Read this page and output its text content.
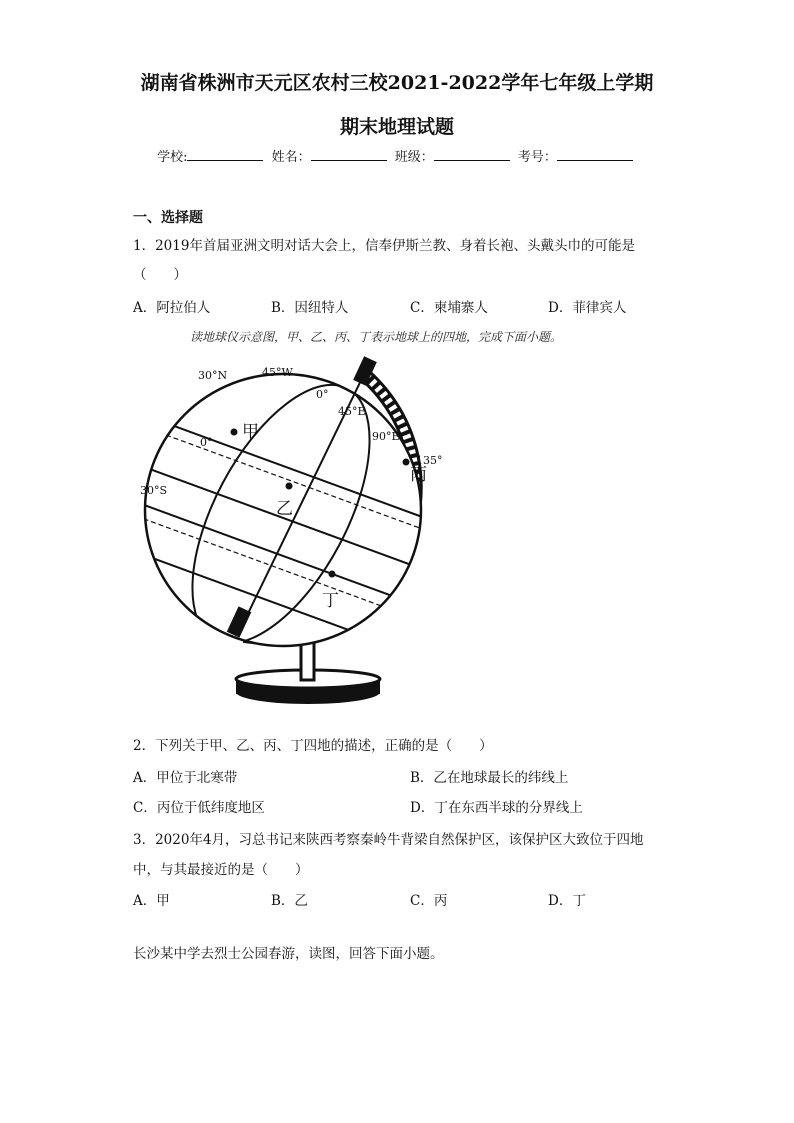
湖南省株洲市天元区农村三校2021-2022学年七年级上学期
期末地理试题
学校:	姓名：	班级：	考号：
一、选择题
1．2019年首届亚洲文明对话大会上，信奉伊斯兰教、身着长袍、头戴头巾的可能是
（　　）
A．阿拉伯人	B．因纽特人	C．柬埔寨人	D．菲律宾人
读地球仪示意图，甲、乙、丙、丁表示地球上的四地，完成下面小题。
30°N	45°W
0°
45°E
90°E
135°
0°
30°S
甲
乙
丙
丁
2．下列关于甲、乙、丙、丁四地的描述，正确的是（　　）
A．甲位于北寒带	B．乙在地球最长的纬线上
C．丙位于低纬度地区	D．丁在东西半球的分界线上
3．2020年4月，习总书记来陕西考察秦岭牛背梁自然保护区，该保护区大致位于四地
中，与其最接近的是（　　）
A．甲	B．乙	C．丙	D．丁
长沙某中学去烈士公园春游，读图，回答下面小题。
